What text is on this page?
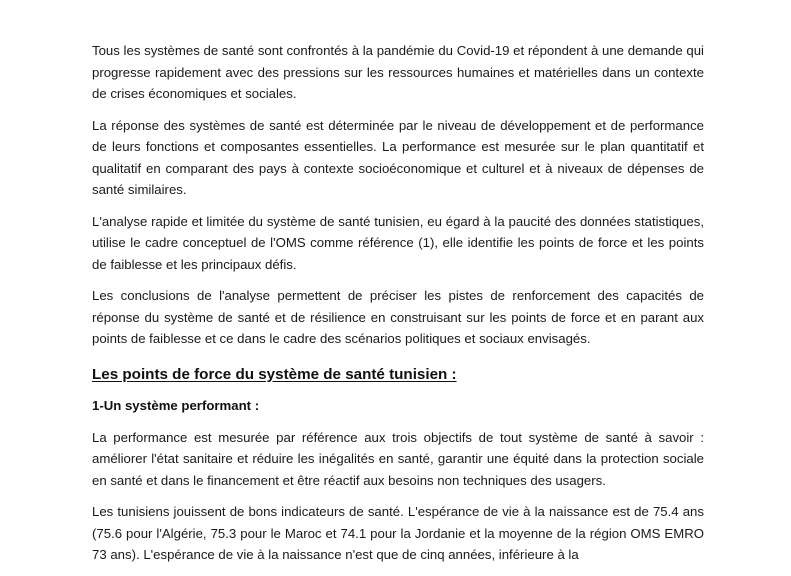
Tous les systèmes de santé sont confrontés à la pandémie du Covid-19 et répondent à une demande qui progresse rapidement avec des pressions sur les ressources humaines et matérielles dans un contexte de crises économiques et sociales.

La réponse des systèmes de santé est déterminée par le niveau de développement et de performance de leurs fonctions et composantes essentielles. La performance est mesurée sur le plan quantitatif et qualitatif en comparant des pays à contexte socioéconomique et culturel et à niveaux de dépenses de santé similaires.

L'analyse rapide et limitée du système de santé tunisien, eu égard à la paucité des données statistiques, utilise le cadre conceptuel de l'OMS comme référence (1), elle identifie les points de force et les points de faiblesse et les principaux défis.

Les conclusions de l'analyse permettent de préciser les pistes de renforcement des capacités de réponse du système de santé et de résilience en construisant sur les points de force et en parant aux points de faiblesse et ce dans le cadre des scénarios politiques et sociaux envisagés.

Les points de force du système de santé tunisien :
1-Un système performant :

La performance est mesurée par référence aux trois objectifs de tout système de santé à savoir : améliorer l'état sanitaire et réduire les inégalités en santé, garantir une équité dans la protection sociale en santé et dans le financement et être réactif aux besoins non techniques des usagers.

Les tunisiens jouissent de bons indicateurs de santé. L'espérance de vie à la naissance est de 75.4 ans (75.6 pour l'Algérie, 75.3 pour le Maroc et 74.1 pour la Jordanie et la moyenne de la région OMS EMRO 73 ans). L'espérance de vie à la naissance n'est que de cinq années, inférieure à la
